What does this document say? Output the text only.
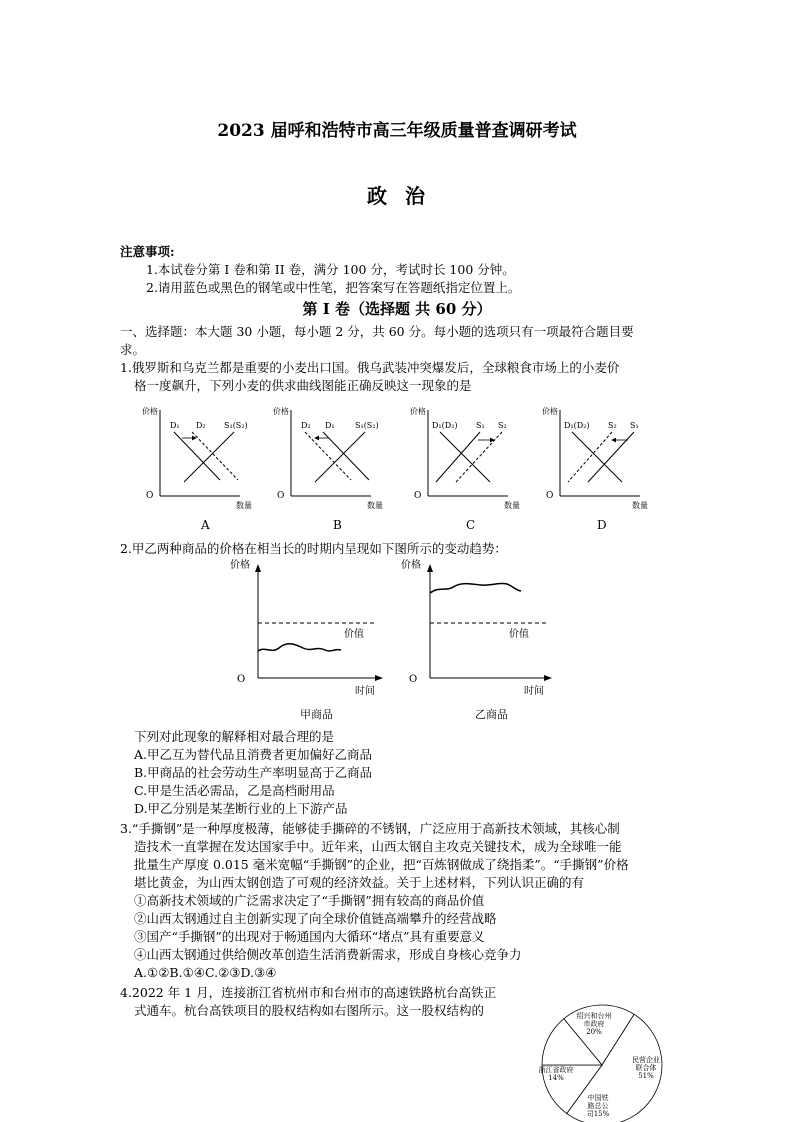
2023 届呼和浩特市高三年级质量普查调研考试
政 治
注意事项:
1.本试卷分第 I 卷和第 II 卷，满分 100 分，考试时长 100 分钟。
2.请用蓝色或黑色的钢笔或中性笔，把答案写在答题纸指定位置上。
第 I 卷（选择题 共 60 分）
一、选择题：本大题 30 小题，每小题 2 分，共 60 分。每小题的选项只有一项最符合题目要
求。
1.俄罗斯和乌克兰都是重要的小麦出口国。俄乌武装冲突爆发后，全球粮食市场上的小麦价
格一度飙升，下列小麦的供求曲线图能正确反映这一现象的是
价格
O
数量
D₁ D₂ S₁(S₂)
A
价格
O
数量
D₂ D₁	S₁(S₂)
B
价格
O
数量
D₁(D₂) S₁ S₂
C
价格
O
数量
D₁(D₂) S₂ S₁
D
2.甲乙两种商品的价格在相当长的时期内呈现如下图所示的变动趋势：
价格
O
时间
价值
甲商品
价格
O
时间
价值
乙商品
下列对此现象的解释相对最合理的是
A.甲乙互为替代品且消费者更加偏好乙商品
B.甲商品的社会劳动生产率明显高于乙商品
C.甲是生活必需品，乙是高档耐用品
D.甲乙分别是某垄断行业的上下游产品
3.“手撕钢”是一种厚度极薄，能够徒手撕碎的不锈钢，广泛应用于高新技术领域，其核心制
造技术一直掌握在发达国家手中。近年来，山西太钢自主攻克关键技术，成为全球唯一能
批量生产厚度 0.015 毫米宽幅“手撕钢”的企业，把“百炼钢做成了绕指柔”。“手撕钢”价格
堪比黄金，为山西太钢创造了可观的经济效益。关于上述材料，下列认识正确的有
①高新技术领域的广泛需求决定了“手撕钢”拥有较高的商品价值
②山西太钢通过自主创新实现了向全球价值链高端攀升的经营战略
③国产“手撕钢”的出现对于畅通国内大循环“堵点”具有重要意义
④山西太钢通过供给侧改革创造生活消费新需求，形成自身核心竞争力
A.①②B.①④C.②③D.③④
4.2022 年 1 月，连接浙江省杭州市和台州市的高速铁路杭台高铁正
式通车。杭台高铁项目的股权结构如右图所示。这一股权结构的	绍兴和台州
市政府
20%
民营企业
联合体
51%
中国铁
路总公
司15%
浙江省政府
14%
